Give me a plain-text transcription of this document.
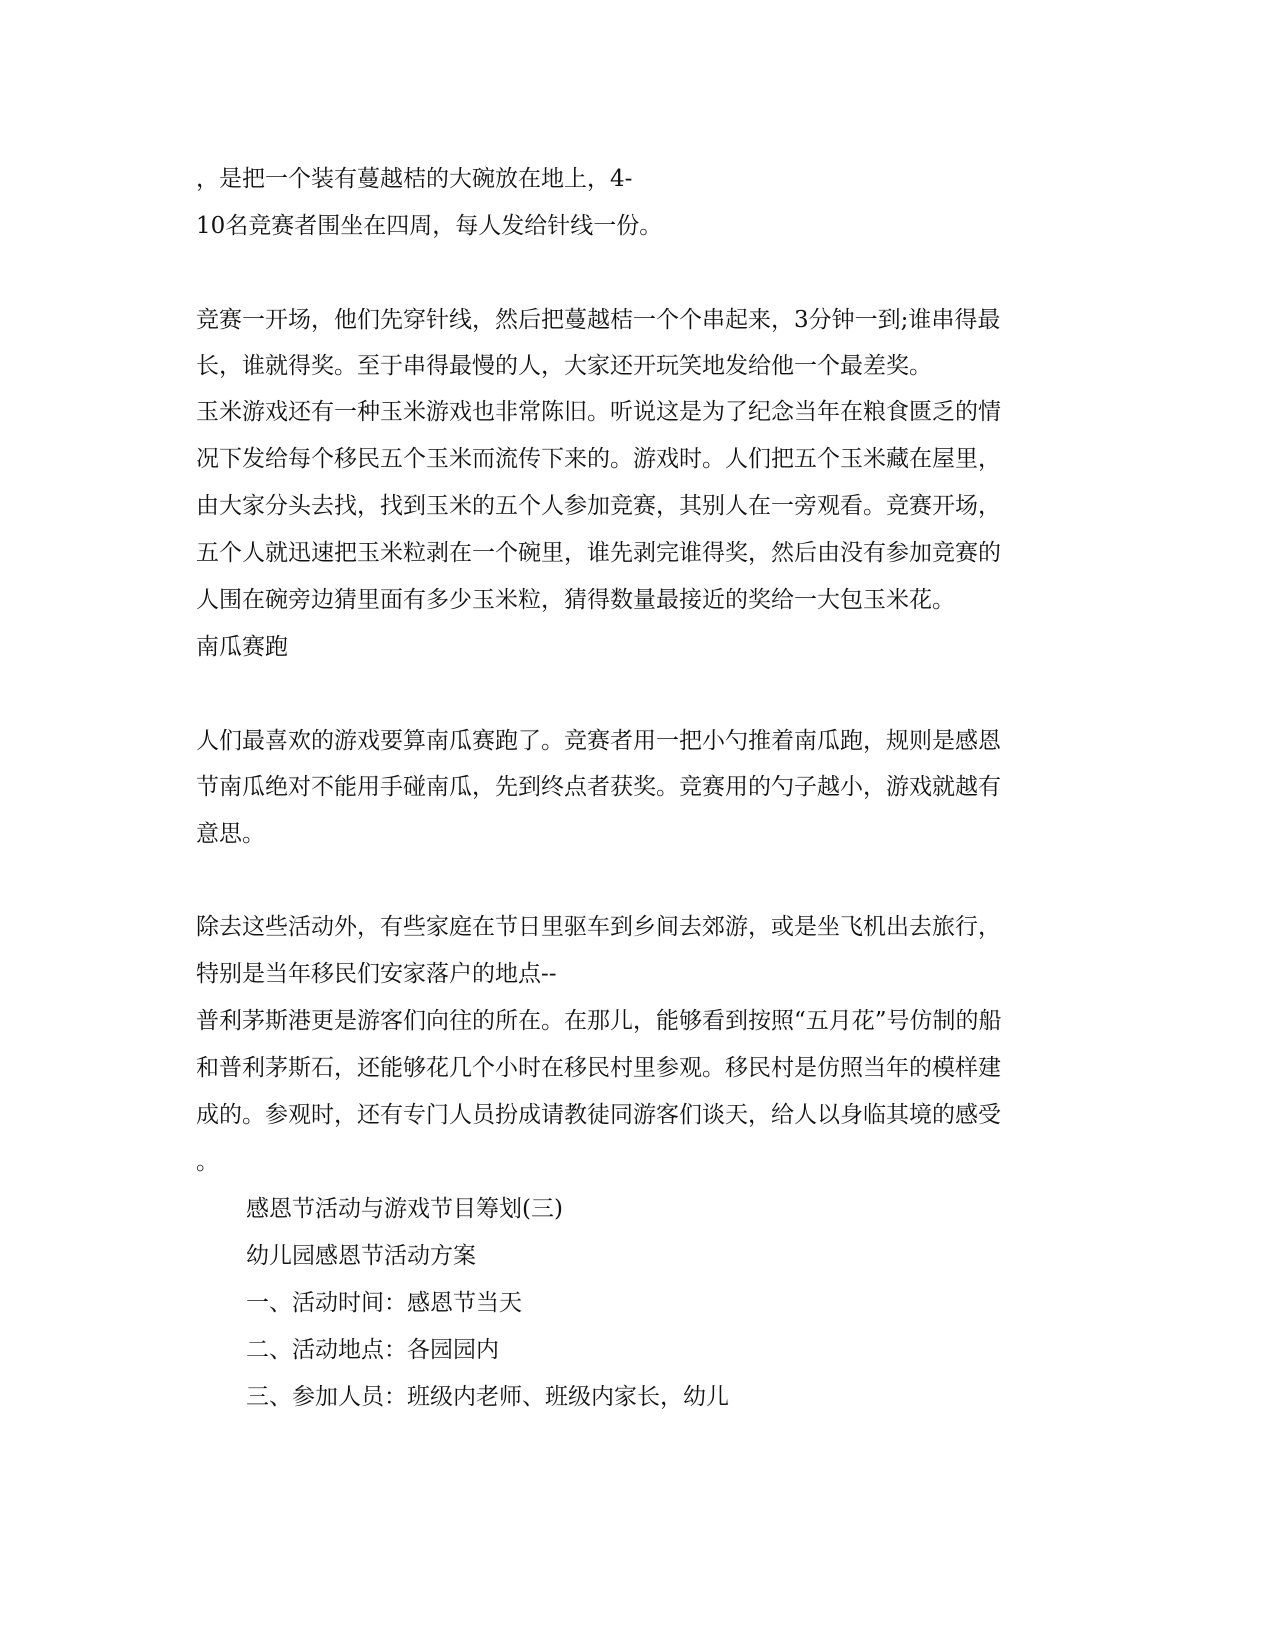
，是把一个装有蔓越桔的大碗放在地上，4-
10名竞赛者围坐在四周，每人发给针线一份。
竞赛一开场，他们先穿针线，然后把蔓越桔一个个串起来，3分钟一到;谁串得最
长，谁就得奖。至于串得最慢的人，大家还开玩笑地发给他一个最差奖。
玉米游戏还有一种玉米游戏也非常陈旧。听说这是为了纪念当年在粮食匮乏的情
况下发给每个移民五个玉米而流传下来的。游戏时。人们把五个玉米藏在屋里，
由大家分头去找，找到玉米的五个人参加竞赛，其别人在一旁观看。竞赛开场，
五个人就迅速把玉米粒剥在一个碗里，谁先剥完谁得奖，然后由没有参加竞赛的
人围在碗旁边猜里面有多少玉米粒，猜得数量最接近的奖给一大包玉米花。
南瓜赛跑
人们最喜欢的游戏要算南瓜赛跑了。竞赛者用一把小勺推着南瓜跑，规则是感恩
节南瓜绝对不能用手碰南瓜，先到终点者获奖。竞赛用的勺子越小，游戏就越有
意思。
除去这些活动外，有些家庭在节日里驱车到乡间去郊游，或是坐飞机出去旅行，
特别是当年移民们安家落户的地点--
普利茅斯港更是游客们向往的所在。在那儿，能够看到按照“五月花”号仿制的船
和普利茅斯石，还能够花几个小时在移民村里参观。移民村是仿照当年的模样建
成的。参观时，还有专门人员扮成请教徒同游客们谈天，给人以身临其境的感受
。
感恩节活动与游戏节目筹划(三)
幼儿园感恩节活动方案
一、活动时间：感恩节当天
二、活动地点：各园园内
三、参加人员：班级内老师、班级内家长，幼儿
